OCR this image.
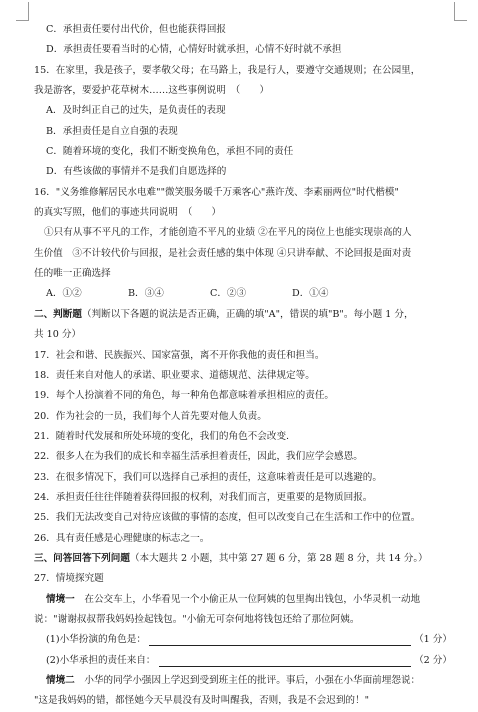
C．承担责任要付出代价，但也能获得回报
D．承担责任要看当时的心情，心情好时就承担，心情不好时就不承担
15．在家里，我是孩子，要孝敬父母；在马路上，我是行人，要遵守交通规则；在公园里，
我是游客，要爱护花草树木……这些事例说明　（　　）
A．及时纠正自己的过失，是负责任的表现
B．承担责任是自立自强的表现
C．随着环境的变化，我们不断变换角色，承担不同的责任
D．有些该做的事情并不是我们自愿选择的
16．"义务维修解居民水电难""微笑服务暖千万乘客心"燕许茂、李素丽两位"时代楷模"
的真实写照，他们的事迹共同说明　（　　）
①只有从事不平凡的工作，才能创造不平凡的业绩 ②在平凡的岗位上也能实现崇高的人
生价值　③不计较代价与回报，是社会责任感的集中体现 ④只讲奉献、不论回报是面对责
任的唯一正确选择
A．①②	B．③④	C．②③	D．①④
二、判断题（判断以下各题的说法是否正确，正确的填"A"，错误的填"B"。每小题 1 分，
共 10 分）
17．社会和谐、民族振兴、国家富强，离不开你我他的责任和担当。
18．责任来自对他人的承诺、职业要求、道德规范、法律规定等。
19．每个人扮演着不同的角色，每一种角色都意味着承担相应的责任。
20．作为社会的一员，我们每个人首先要对他人负责。
21．随着时代发展和所处环境的变化，我们的角色不会改变.
22．很多人在为我们的成长和幸福生活承担着责任，因此，我们应学会感恩。
23．在很多情况下，我们可以选择自己承担的责任，这意味着责任是可以逃避的。
24．承担责任往往伴随着获得回报的权利，对我们而言，更重要的是物质回报。
25．我们无法改变自己对待应该做的事情的态度，但可以改变自己在生活和工作中的位置。
26．具有责任感是心理健康的标志之一。
三、问答回答下列问题（本大题共 2 小题，其中第 27 题 6 分，第 28 题 8 分，共 14 分。）
27．情境探究题
情境一　在公交车上，小华看见一个小偷正从一位阿姨的包里掏出钱包，小华灵机一动地
说："谢谢叔叔帮我妈妈捡起钱包。"小偷无可奈何地将钱包还给了那位阿姨。
(1)小华扮演的角色是：	（1 分）
(2)小华承担的责任来自：	（2 分）
情境二　小华的同学小强因上学迟到受到班主任的批评。事后，小强在小华面前埋怨说：
"这是我妈妈的错，都怪她今天早晨没有及时叫醒我，否则，我是不会迟到的！"
